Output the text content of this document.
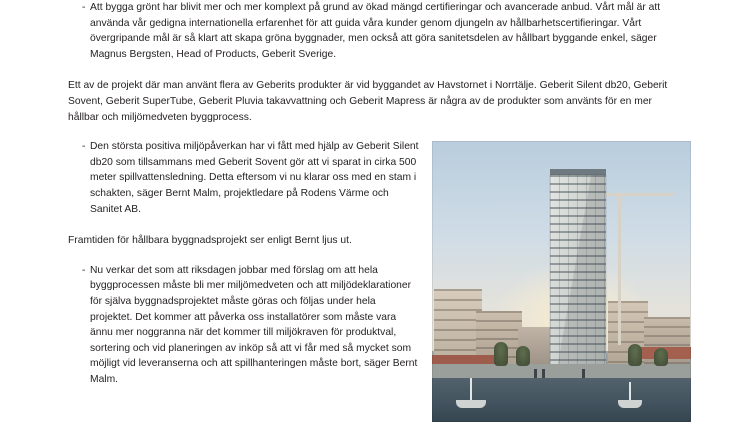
- Att bygga grönt har blivit mer och mer komplext på grund av ökad mängd certifieringar och avancerade anbud. Vårt mål är att använda vår gedigna internationella erfarenhet för att guida våra kunder genom djungeln av hållbarhetscertifieringar. Vårt övergripande mål är så klart att skapa gröna byggnader, men också att göra sanitetsdelen av hållbart byggande enkel, säger Magnus Bergsten, Head of Products, Geberit Sverige.

Ett av de projekt där man använt flera av Geberits produkter är vid byggandet av Havstornet i Norrtälje. Geberit Silent db20, Geberit Sovent, Geberit SuperTube, Geberit Pluvia takavvattning och Geberit Mapress är några av de produkter som använts för en mer hållbar och miljömedveten byggprocess.

- Den största positiva miljöpåverkan har vi fått med hjälp av Geberit Silent db20 som tillsammans med Geberit Sovent gör att vi sparat in cirka 500 meter spillvattensledning. Detta eftersom vi nu klarar oss med en stam i schakten, säger Bernt Malm, projektledare på Rodens Värme och Sanitet AB.

Framtiden för hållbara byggnadsprojekt ser enligt Bernt ljus ut.

- Nu verkar det som att riksdagen jobbar med förslag om att hela byggprocessen måste bli mer miljömedveten och att miljödeklarationer för själva byggnadsprojektet måste göras och följas under hela projektet. Det kommer att påverka oss installatörer som måste vara ännu mer noggranna när det kommer till miljökraven för produktval, sortering och vid planeringen av inköp så att vi får med så mycket som möjligt vid leveranserna och att spillhanteringen måste bort, säger Bernt Malm.
